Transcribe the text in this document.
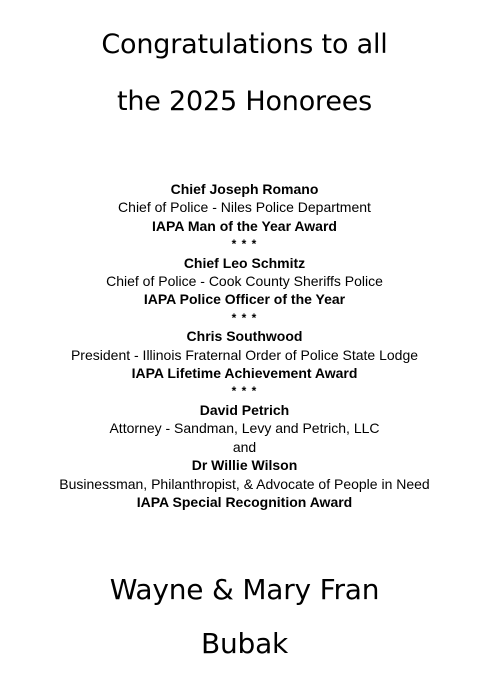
Congratulations to all
the 2025 Honorees
Chief Joseph Romano
Chief of Police - Niles Police Department
IAPA Man of the Year Award
* * *
Chief Leo Schmitz
Chief of Police - Cook County Sheriffs Police
IAPA Police Officer of the Year
* * *
Chris Southwood
President - Illinois Fraternal Order of Police State Lodge
IAPA Lifetime Achievement Award
* * *
David Petrich
Attorney - Sandman, Levy and Petrich, LLC
and
Dr Willie Wilson
Businessman, Philanthropist, & Advocate of People in Need
IAPA Special Recognition Award
Wayne & Mary Fran
Bubak
